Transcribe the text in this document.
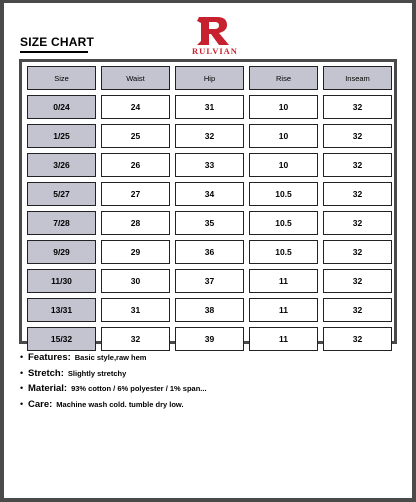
SIZE CHART
RULVIAN
Size	Waist	Hip	Rise	Inseam
0/24	24	31	10	32
1/25	25	32	10	32
3/26	26	33	10	32
5/27	27	34	10.5	32
7/28	28	35	10.5	32
9/29	29	36	10.5	32
11/30	30	37	11	32
13/31	31	38	11	32
15/32	32	39	11	32
• Features: Basic style,raw hem
• Stretch: Slightly stretchy
• Material: 93% cotton / 6% polyester / 1% span...
• Care: Machine wash cold. tumble dry low.
